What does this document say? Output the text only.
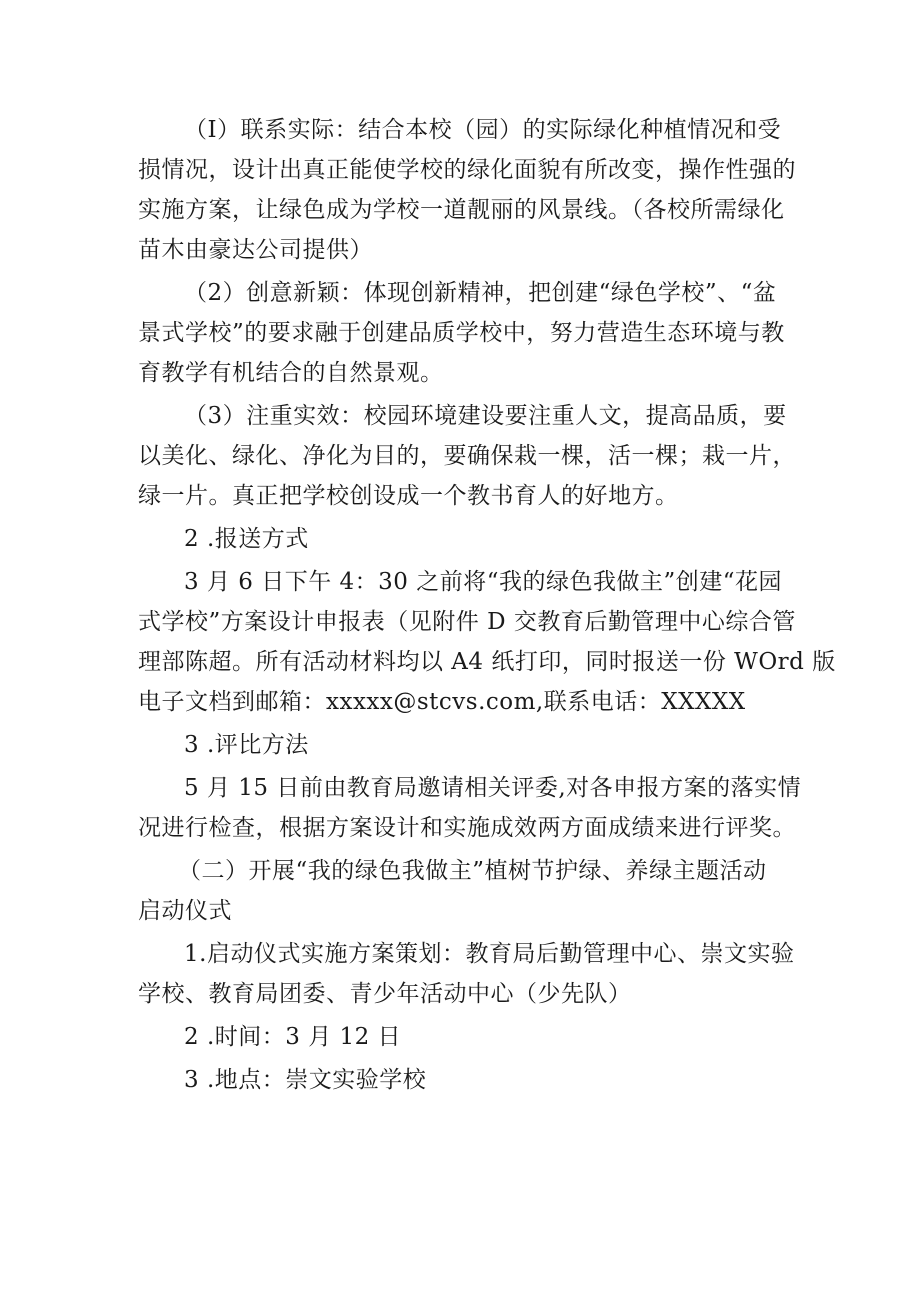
（I）联系实际：结合本校（园）的实际绿化种植情况和受
损情况，设计出真正能使学校的绿化面貌有所改变，操作性强的
实施方案，让绿色成为学校一道靓丽的风景线。（各校所需绿化
苗木由豪达公司提供）

（2）创意新颖：体现创新精神，把创建“绿色学校”、“盆
景式学校”的要求融于创建品质学校中，努力营造生态环境与教
育教学有机结合的自然景观。

（3）注重实效：校园环境建设要注重人文，提高品质，要
以美化、绿化、净化为目的，要确保栽一棵，活一棵；栽一片，
绿一片。真正把学校创设成一个教书育人的好地方。

2 .报送方式

3 月 6 日下午 4：30 之前将“我的绿色我做主”创建“花园
式学校”方案设计申报表（见附件 D 交教育后勤管理中心综合管
理部陈超。所有活动材料均以 A4 纸打印，同时报送一份 WOrd 版
电子文档到邮箱：xxxxx@stcvs.com,联系电话：XXXXX

3 .评比方法

5 月 15 日前由教育局邀请相关评委,对各申报方案的落实情
况进行检查，根据方案设计和实施成效两方面成绩来进行评奖。

（二）开展“我的绿色我做主”植树节护绿、养绿主题活动
启动仪式

1.启动仪式实施方案策划：教育局后勤管理中心、崇文实验
学校、教育局团委、青少年活动中心（少先队）

2 .时间：3 月 12 日

3 .地点：崇文实验学校
